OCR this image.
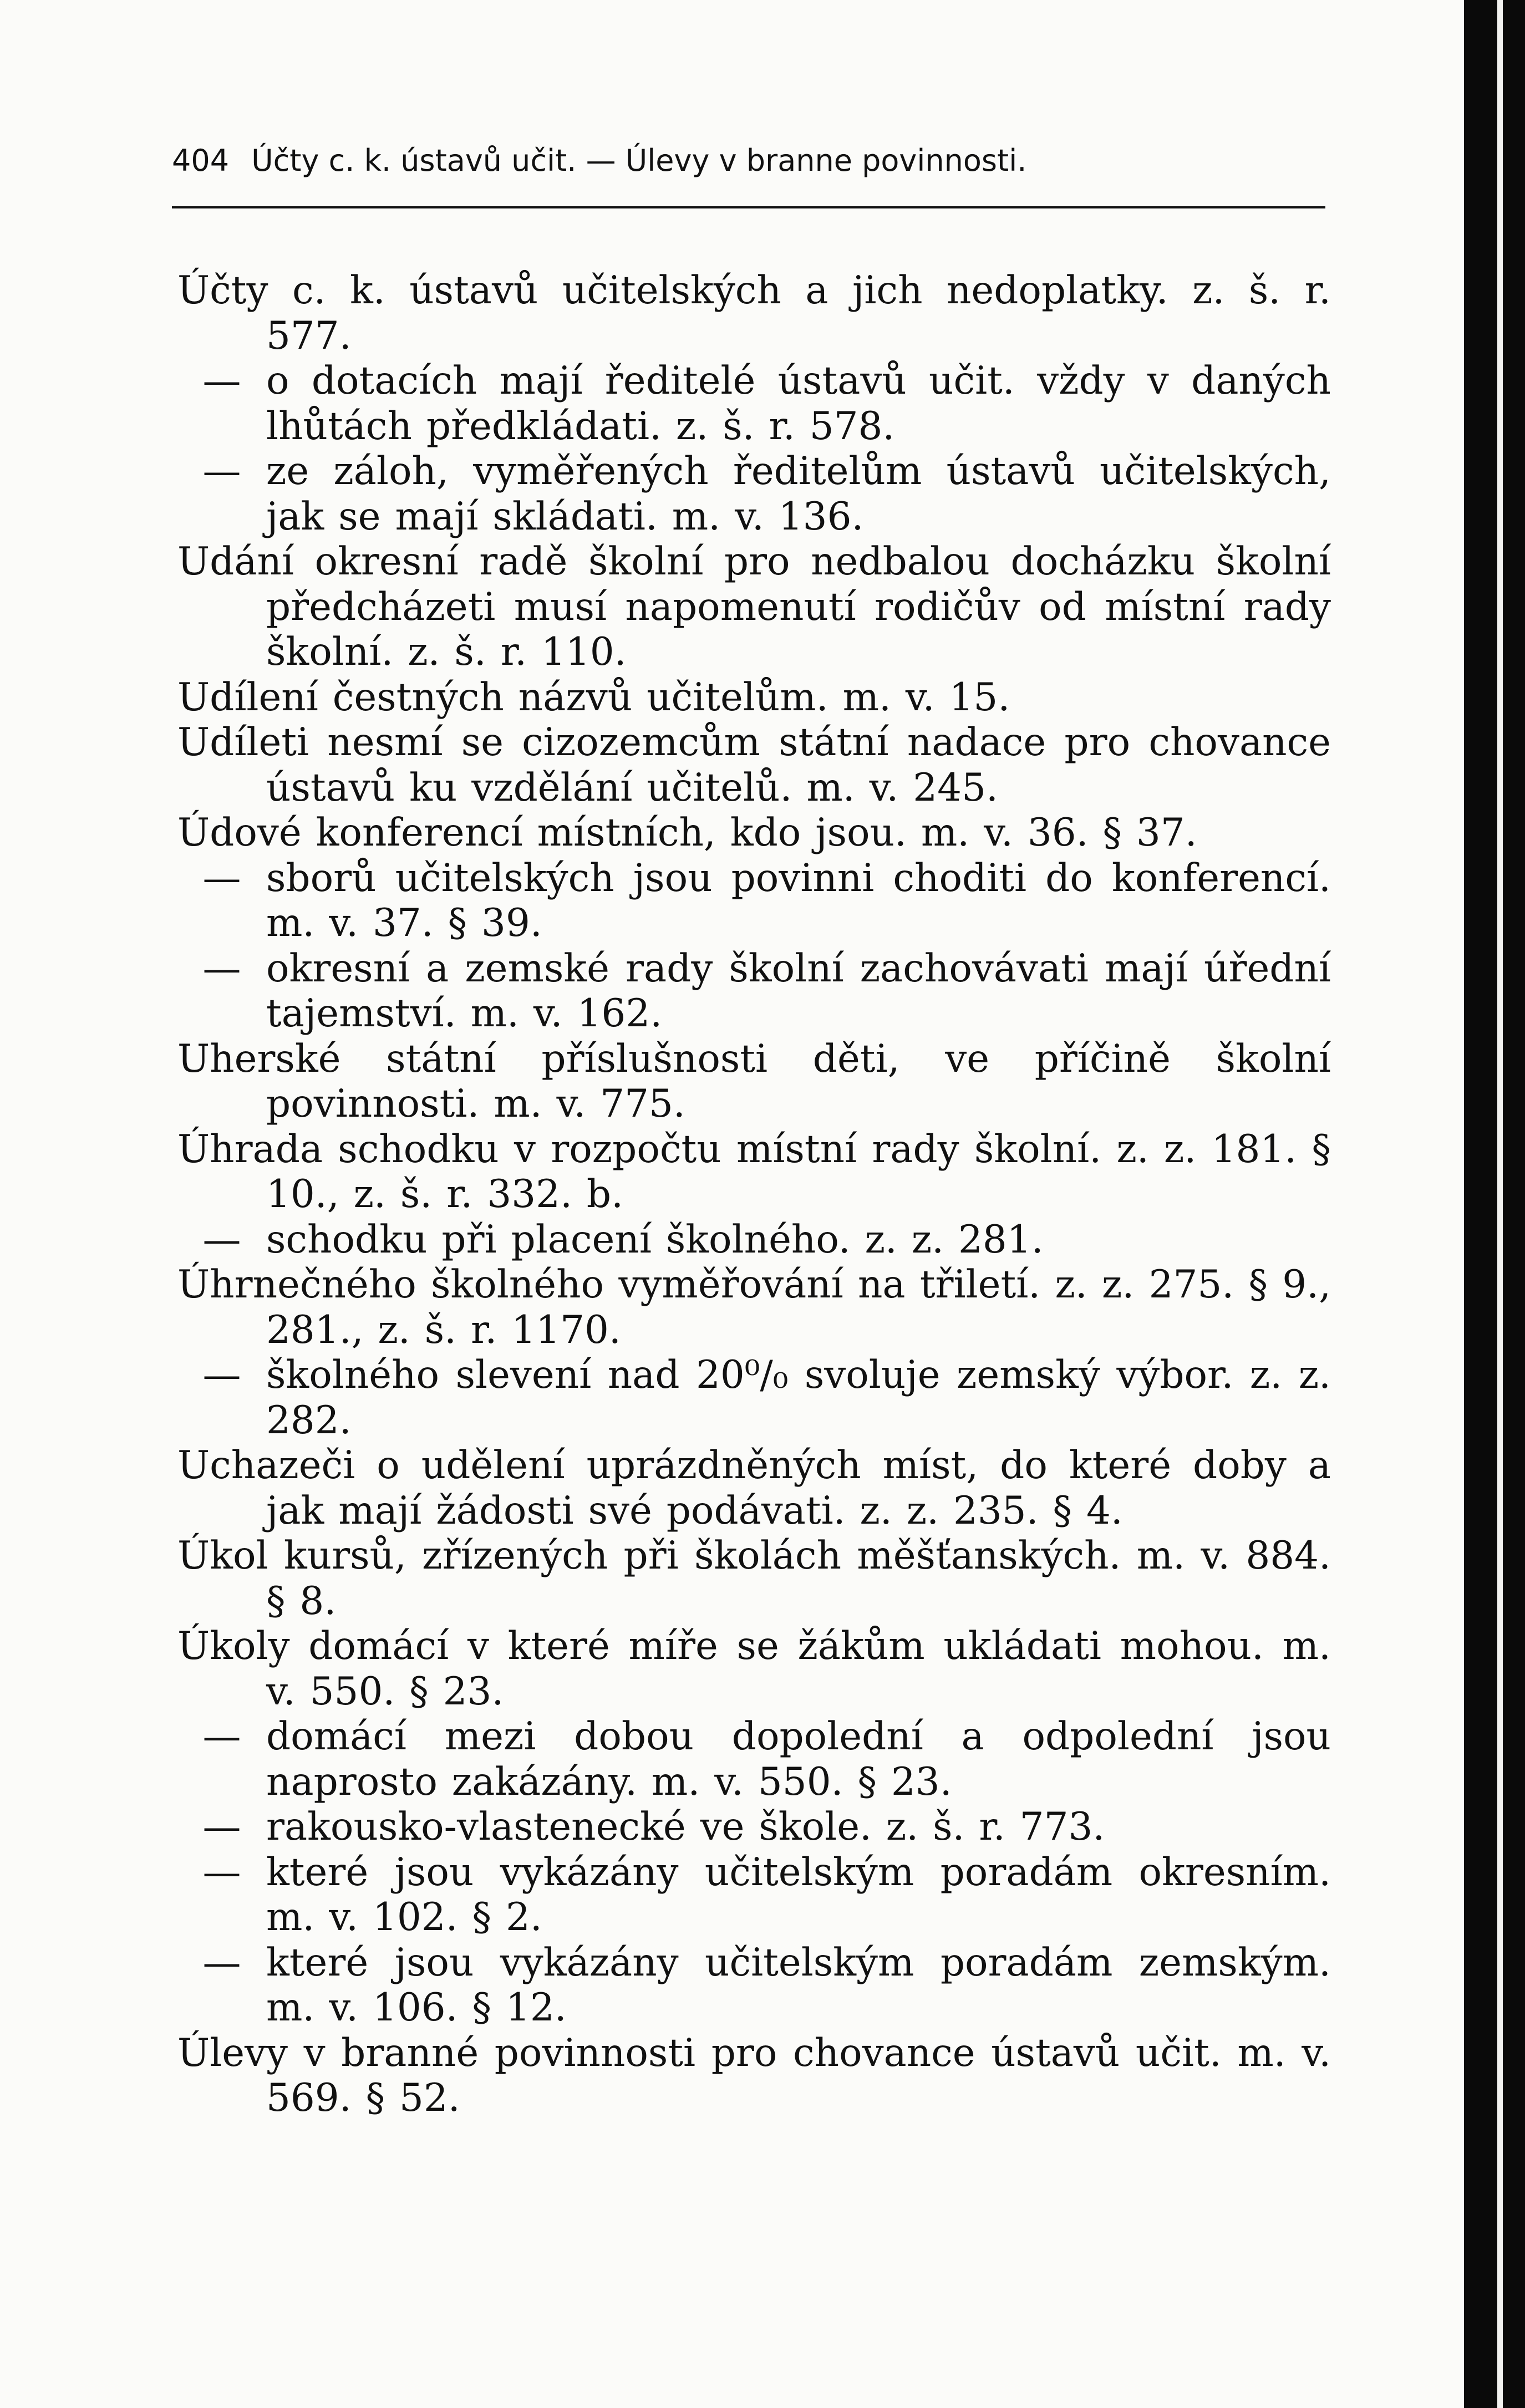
404 Účty c. k. ústavů učit. — Úlevy v branne povinnosti.

Účty c. k. ústavů učitelských a jich nedoplatky. z. š. r. 577.

— o dotacích mají ředitelé ústavů učit. vždy v daných lhůtách předkládati. z. š. r. 578.

— ze záloh, vyměřených ředitelům ústavů učitelských, jak se mají skládati. m. v. 136.

Udání okresní radě školní pro nedbalou docházku školní předcházeti musí napomenutí rodičův od místní rady školní. z. š. r. 110.

Udílení čestných názvů učitelům. m. v. 15.

Udíleti nesmí se cizozemcům státní nadace pro chovance ústavů ku vzdělání učitelů. m. v. 245.

Údové konferencí místních, kdo jsou. m. v. 36. § 37.

— sborů učitelských jsou povinni choditi do konferencí. m. v. 37. § 39.

— okresní a zemské rady školní zachovávati mají úřední tajemství. m. v. 162.

Uherské státní příslušnosti děti, ve příčině školní povinnosti. m. v. 775.

Úhrada schodku v rozpočtu místní rady školní. z. z. 181. § 10., z. š. r. 332. b.

— schodku při placení školného. z. z. 281.

Úhrnečného školného vyměřování na třiletí. z. z. 275. § 9., 281., z. š. r. 1170.

— školného slevení nad 20⁰/₀ svoluje zemský výbor. z. z. 282.

Uchazeči o udělení uprázdněných míst, do které doby a jak mají žádosti své podávati. z. z. 235. § 4.

Úkol kursů, zřízených při školách měšťanských. m. v. 884. § 8.

Úkoly domácí v které míře se žákům ukládati mohou. m. v. 550. § 23.

— domácí mezi dobou dopolední a odpolední jsou naprosto zakázány. m. v. 550. § 23.

— rakousko-vlastenecké ve škole. z. š. r. 773.

— které jsou vykázány učitelským poradám okresním. m. v. 102. § 2.

— které jsou vykázány učitelským poradám zemským. m. v. 106. § 12.

Úlevy v branné povinnosti pro chovance ústavů učit. m. v. 569. § 52.
